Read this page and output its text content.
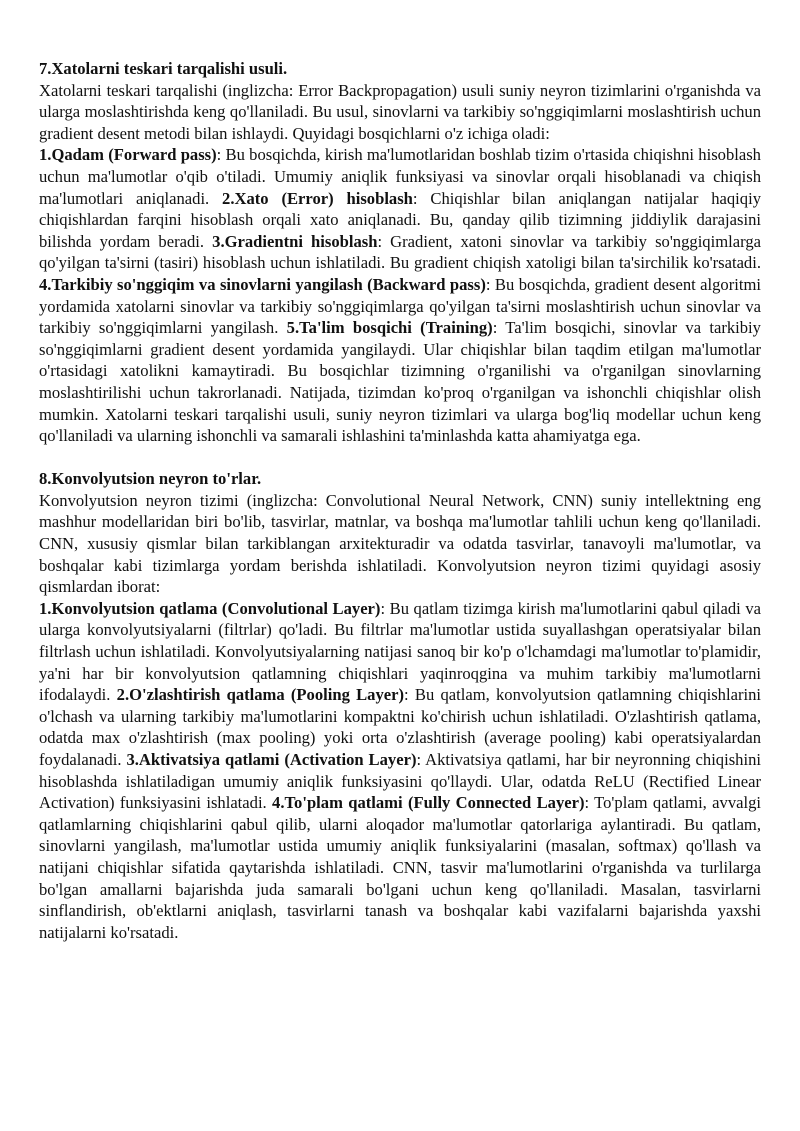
7.Xatolarni teskari tarqalishi usuli.

Xatolarni teskari tarqalishi (inglizcha: Error Backpropagation) usuli suniy neyron tizimlarini o'rganishda va ularga moslashtirishda keng qo'llaniladi. Bu usul, sinovlarni va tarkibiy so'nggiqimlarni moslashtirish uchun gradient desent metodi bilan ishlaydi. Quyidagi bosqichlarni o'z ichiga oladi:

1.Qadam (Forward pass): Bu bosqichda, kirish ma'lumotlaridan boshlab tizim o'rtasida chiqishni hisoblash uchun ma'lumotlar o'qib o'tiladi. Umumiy aniqlik funksiyasi va sinovlar orqali hisoblanadi va chiqish ma'lumotlari aniqlanadi. 2.Xato (Error) hisoblash: Chiqishlar bilan aniqlangan natijalar haqiqiy chiqishlardan farqini hisoblash orqali xato aniqlanadi. Bu, qanday qilib tizimning jiddiylik darajasini bilishda yordam beradi. 3.Gradientni hisoblash: Gradient, xatoni sinovlar va tarkibiy so'nggiqimlarga qo'yilgan ta'sirni (tasiri) hisoblash uchun ishlatiladi. Bu gradient chiqish xatoligi bilan ta'sirchilik ko'rsatadi. 4.Tarkibiy so'nggiqim va sinovlarni yangilash (Backward pass): Bu bosqichda, gradient desent algoritmi yordamida xatolarni sinovlar va tarkibiy so'nggiqimlarga qo'yilgan ta'sirni moslashtirish uchun sinovlar va tarkibiy so'nggiqimlarni yangilash. 5.Ta'lim bosqichi (Training): Ta'lim bosqichi, sinovlar va tarkibiy so'nggiqimlarni gradient desent yordamida yangilaydi. Ular chiqishlar bilan taqdim etilgan ma'lumotlar o'rtasidagi xatolikni kamaytiradi. Bu bosqichlar tizimning o'rganilishi va o'rganilgan sinovlarning moslashtirilishi uchun takrorlanadi. Natijada, tizimdan ko'proq o'rganilgan va ishonchli chiqishlar olish mumkin. Xatolarni teskari tarqalishi usuli, suniy neyron tizimlari va ularga bog'liq modellar uchun keng qo'llaniladi va ularning ishonchli va samarali ishlashini ta'minlashda katta ahamiyatga ega.

8.Konvolyutsion neyron to'rlar.

Konvolyutsion neyron tizimi (inglizcha: Convolutional Neural Network, CNN) suniy intellektning eng mashhur modellaridan biri bo'lib, tasvirlar, matnlar, va boshqa ma'lumotlar tahlili uchun keng qo'llaniladi. CNN, xususiy qismlar bilan tarkiblangan arxitekturadir va odatda tasvirlar, tanavoyli ma'lumotlar, va boshqalar kabi tizimlarga yordam berishda ishlatiladi. Konvolyutsion neyron tizimi quyidagi asosiy qismlardan iborat:

1.Konvolyutsion qatlama (Convolutional Layer): Bu qatlam tizimga kirish ma'lumotlarini qabul qiladi va ularga konvolyutsiyalarni (filtrlar) qo'ladi. Bu filtrlar ma'lumotlar ustida suyallashgan operatsiyalar bilan filtrlash uchun ishlatiladi. Konvolyutsiyalarning natijasi sanoq bir ko'p o'lchamdagi ma'lumotlar to'plamidir, ya'ni har bir konvolyutsion qatlamning chiqishlari yaqinroqgina va muhim tarkibiy ma'lumotlarni ifodalaydi. 2.O'zlashtirish qatlama (Pooling Layer): Bu qatlam, konvolyutsion qatlamning chiqishlarini o'lchash va ularning tarkibiy ma'lumotlarini kompaktni ko'chirish uchun ishlatiladi. O'zlashtirish qatlama, odatda max o'zlashtirish (max pooling) yoki orta o'zlashtirish (average pooling) kabi operatsiyalardan foydalanadi. 3.Aktivatsiya qatlami (Activation Layer): Aktivatsiya qatlami, har bir neyronning chiqishini hisoblashda ishlatiladigan umumiy aniqlik funksiyasini qo'llaydi. Ular, odatda ReLU (Rectified Linear Activation) funksiyasini ishlatadi. 4.To'plam qatlami (Fully Connected Layer): To'plam qatlami, avvalgi qatlamlarning chiqishlarini qabul qilib, ularni aloqador ma'lumotlar qatorlariga aylantiradi. Bu qatlam, sinovlarni yangilash, ma'lumotlar ustida umumiy aniqlik funksiyalarini (masalan, softmax) qo'llash va natijani chiqishlar sifatida qaytarishda ishlatiladi. CNN, tasvir ma'lumotlarini o'rganishda va turlilarga bo'lgan amallarni bajarishda juda samarali bo'lgani uchun keng qo'llaniladi. Masalan, tasvirlarni sinflandirish, ob'ektlarni aniqlash, tasvirlarni tanash va boshqalar kabi vazifalarni bajarishda yaxshi natijalarni ko'rsatadi.
